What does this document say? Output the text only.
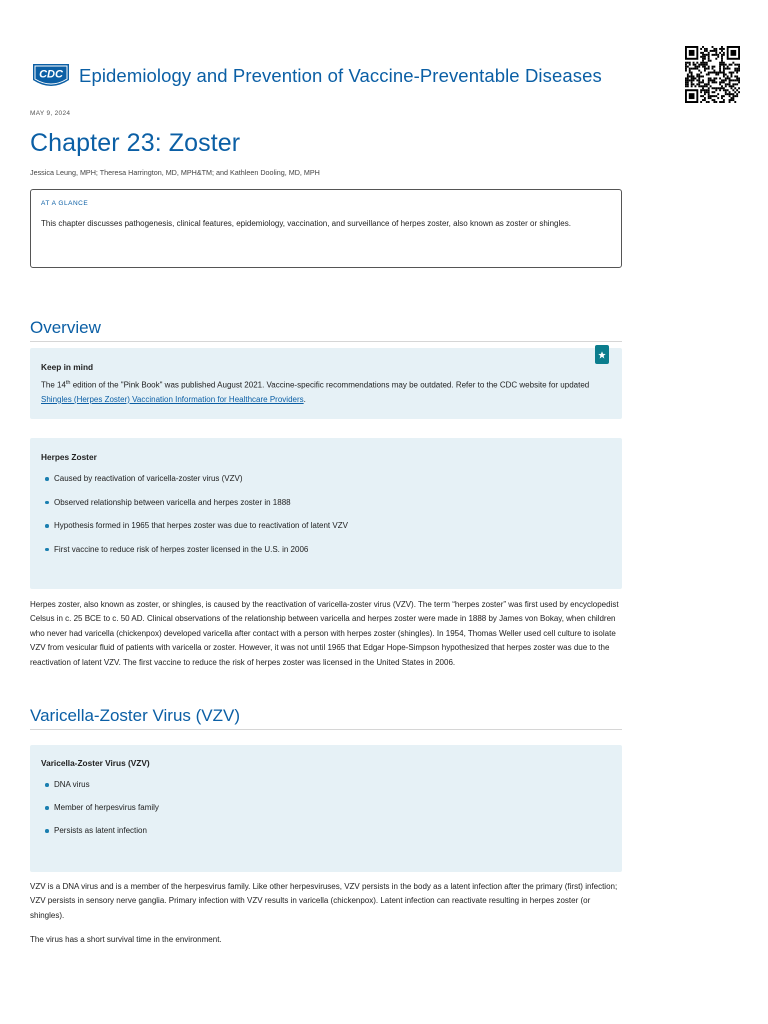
CDC Epidemiology and Prevention of Vaccine-Preventable Diseases
MAY 9, 2024
Chapter 23: Zoster
Jessica Leung, MPH; Theresa Harrington, MD, MPH&TM; and Kathleen Dooling, MD, MPH
AT A GLANCE
This chapter discusses pathogenesis, clinical features, epidemiology, vaccination, and surveillance of herpes zoster, also known as zoster or shingles.
Overview
Keep in mind
The 14th edition of the "Pink Book" was published August 2021. Vaccine-specific recommendations may be outdated. Refer to the CDC website for updated Shingles (Herpes Zoster) Vaccination Information for Healthcare Providers.
Herpes Zoster
Caused by reactivation of varicella-zoster virus (VZV)
Observed relationship between varicella and herpes zoster in 1888
Hypothesis formed in 1965 that herpes zoster was due to reactivation of latent VZV
First vaccine to reduce risk of herpes zoster licensed in the U.S. in 2006

Herpes zoster, also known as zoster, or shingles, is caused by the reactivation of varicella-zoster virus (VZV). The term “herpes zoster” was first used by encyclopedist Celsus in c. 25 BCE to c. 50 AD. Clinical observations of the relationship between varicella and herpes zoster were made in 1888 by James von Bokay, when children who never had varicella (chickenpox) developed varicella after contact with a person with herpes zoster (shingles). In 1954, Thomas Weller used cell culture to isolate VZV from vesicular fluid of patients with varicella or zoster. However, it was not until 1965 that Edgar Hope-Simpson hypothesized that herpes zoster was due to the reactivation of latent VZV. The first vaccine to reduce the risk of herpes zoster was licensed in the United States in 2006.

Varicella-Zoster Virus (VZV)
Varicella-Zoster Virus (VZV)
DNA virus
Member of herpesvirus family
Persists as latent infection

VZV is a DNA virus and is a member of the herpesvirus family. Like other herpesviruses, VZV persists in the body as a latent infection after the primary (first) infection; VZV persists in sensory nerve ganglia. Primary infection with VZV results in varicella (chickenpox). Latent infection can reactivate resulting in herpes zoster (or shingles).

The virus has a short survival time in the environment.
